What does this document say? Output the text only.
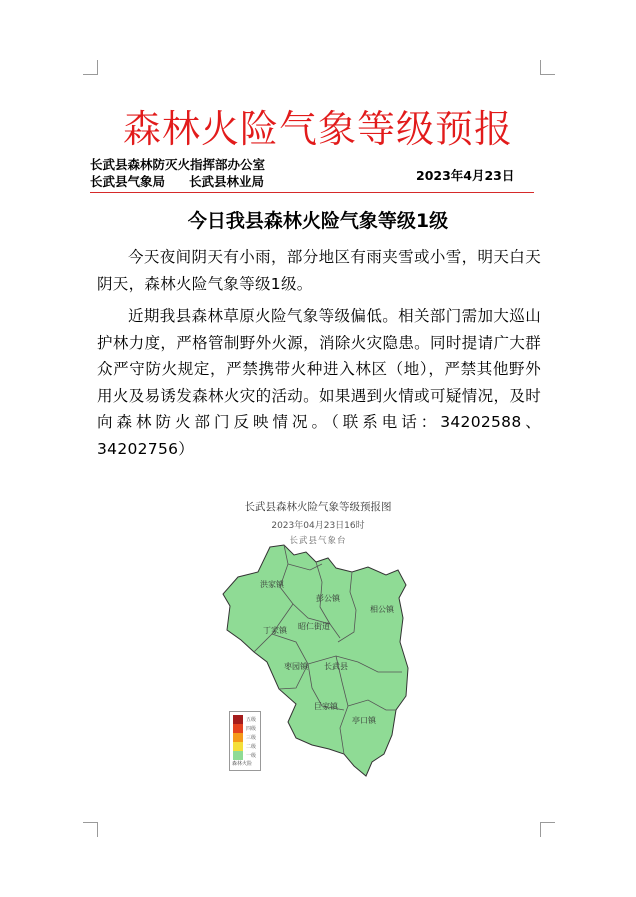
森林火险气象等级预报
长武县森林防灭火指挥部办公室
长武县气象局 长武县林业局	2023年4月23日
今日我县森林火险气象等级1级
今天夜间阴天有小雨，部分地区有雨夹雪或小雪，明天白天阴天，森林火险气象等级1级。
近期我县森林草原火险气象等级偏低。相关部门需加大巡山护林力度，严格管制野外火源，消除火灾隐患。同时提请广大群众严守防火规定，严禁携带火种进入林区（地），严禁其他野外用火及易诱发森林火灾的活动。如果遇到火情或可疑情况，及时向森林防火部门反映情况。（联系电话：34202588、34202756）
长武县森林火险气象等级预报图
2023年04月23日16时
长武县气象台
洪家镇
彭公镇
相公镇
丁家镇 昭仁街道
枣园镇 长武县
巨家镇
亭口镇
五级
四级
三级
二级
一级
森林火险
